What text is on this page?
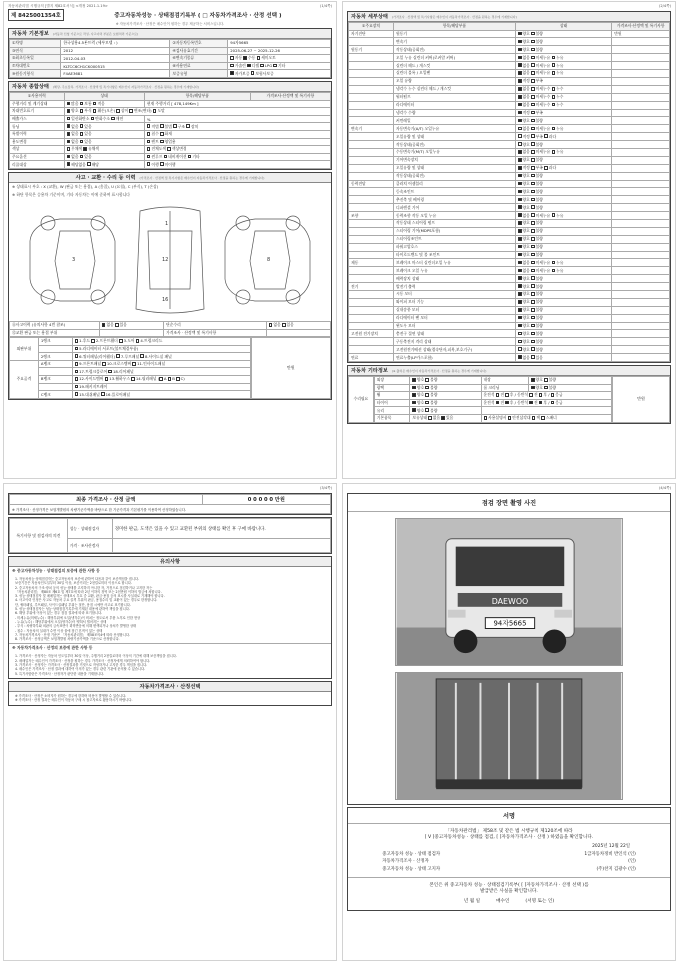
자동차관리법 시행규칙 [별지 제82호서식] <개정 2021.1.19>	(1/4쪽)
제 8425001354호	중고자동차성능 · 상태점검기록부 ( □ 자동차가격조사 · 산정 선택 )
※ 자동차가격조사 · 산정은 매수인이 원하는 경우 제공하는 서비스입니다.
자동차 기본정보 (자동차 신청 기준으로 작성, 사고이력 부분은 보험처리 기준으로)
①차명	한국상용4.5톤트럭 (세부모델 : )	②자동차등록번호	94자5665
③연식	2012	④검사유효기간	2025-06-27 ~ 2025-12-26
⑤최초등록일	2012-04-03	⑥변속기종류	자동 수동 세미오토
⑦차대번호	KLTCC6CH1CK000515	⑧사용연료	가솔린 디젤 LPG 기타
⑨원동기형식	F4AE3681	보증유형	자가보증 보험사보증
자동차 종합상태 (해당, 주요장치, 가격조사 · 산정액 및 특기사항은 매수인이 자동차가격조사 · 산정을 원하는 경우에 기재합니다)
①사용이력	상태	항목/해당부품	가격조사·산정액 및 특기사항
주행거리 및 계기상태	많음 보통 적음	현재 주행거리 [ 478,149Km ]	
차대번호표기	양호 부식 훼손(오손) 상이 변조(변타) 도말		
배출가스	일산화탄소 탄화수소 매연	%	
튜닝	없음 있음	적법 불법 구조 장치	
특별이력	없음 있음	침수 화재	
용도변경	없음 있음	렌트 영업용	
색상	무채색 유채색	전체도색 색상변경	
주요옵션	없음 있음	썬루프 네비게이션 기타	
리콜대상	해당없음 해당	이행 미이행	
사고 · 교환 · 수리 등 이력 (가격조사 · 산정액 및 특기사항은 매수인이 자동차가격조사 · 산정을 원하는 경우에 기재합니다)
※ 상태표시 부호 : X (교환), W (판금 또는 용접), A (흠집), U (요철), C (부식), T (손상)
※ 하단 항목은 승용차 기준이며, 기타 자동차는 이에 준하여 표시합니다
3
1
12
16
8
⑪사고이력 (유의사항 4번 참조)	없음 있음	단순수리	없음 있음
⑫교환 판금 또는 용접 부위		가격조사 · 산정액 및 특기사항	
외판부위	1랭크	1.후드 2.프론트휀더 3.도어 4.트렁크리드
		5.라디에이터 서포트(볼트체결부품)
	2랭크	6.쿼터패널(리어휀더) 7.루프패널 8.사이드실 패널
주요골격	A랭크	9.프론트패널 10.크로스멤버 11.인사이드패널
		17.트렁크플로어 18.리어패널
	B랭크	12.사이드멤버 13.휠하우스 14.필러패널 ( A B C)
		19.패키지트레이
	C랭크	15.대쉬패널 16.플로어패널
만원
(2/4쪽)
자동차 세부상태 (가격조사 · 산정액 및 특기사항은 매수인이 자동차가격조사 · 산정을 원하는 경우에 기재합니다)
①주요장치	항목/해당부품	상태	가격조사·산정액 및 특기사항
자기진단	원동기	양호 불량	만원
	변속기	양호 불량	
원동기	작동상태(공회전)	양호 불량	
	오일 누유 실린더 커버(로커암 커버)	없음 미세누유 누유	
	실린더 헤드 / 개스킷	없음 미세누유 누유	
	실린더 블록 / 오일팬	없음 미세누유 누유	
	오일 유량	적정 부족	
	냉각수 누수 실린더 헤드 / 개스킷	없음 미세누수 누수	
	워터펌프	없음 미세누수 누수	
	라디에이터	없음 미세누수 누수	
	냉각수 수량	적정 부족	
	커먼레일	양호 불량	
변속기	자동변속기(A/T) 오일누유	없음 미세누유 누유	
	오일유량 및 상태	적정 부족 과다	
	작동상태(공회전)	양호 불량	
	수동변속기(M/T) 오일누유	없음 미세누유 누유	
	기어변속장치	양호 불량	
	오일유량 및 상태	적정 부족 과다	
	작동상태(공회전)	양호 불량	
동력전달	클러치 어셈블리	양호 불량	
	등속조인트	양호 불량	
	추진축 및 베어링	양호 불량	
	디퍼렌셜 기어	양호 불량	
조향	동력조향 작동 오일 누유	없음 미세누유 누유	
	작동상태 스티어링 펌프	양호 불량	
	스티어링 기어(MDPS포함)	양호 불량	
	스티어링조인트	양호 불량	
	파워고압호스	양호 불량	
	타이로드엔드 및 볼 조인트	양호 불량	
제동	브레이크 마스터 실린더오일 누유	없음 미세누유 누유	
	브레이크 오일 누유	없음 미세누유 누유	
	배력장치 상태	양호 불량	
전기	발전기 출력	양호 불량	
	시동 모터	양호 불량	
	와이퍼 모터 기능	양호 불량	
	실내송풍 모터	양호 불량	
	라디에이터 팬 모터	양호 불량	
	윈도우 모터	양호 불량	
고전원 전기장치	충전구 절연 상태	양호 불량	
	구동축전지 격리 상태	양호 불량	
	고전원전기배선 상태(접속단자,피복,보호기구)	양호 불량	
연료	연료누출(LP가스포함)	없음 있음	
자동차 기타정보 (※ 출처은 매수인이 자동차가격조사 · 산정을 원하는 경우에 기재합니다)
수리필요
외장	양호 불량	내장	양호 불량
광택	양호 불량	룸 크리닝	양호 불량
휠	양호 불량	운전석 전 후 / 동반석 전 후 / 응급	
타이어	양호 불량	운전석 전 후 / 동반석 전 후 / 응급	
유리	양호 불량		
기본품목	보유상태 없음 있음	사용설명서 안전삼각대 잭 스패너	
만원
(3/4쪽)
최종 가격조사 · 산정 금액	0 0 0 0 0 만원
※ 가격조사 · 산정가격은 보험개발원의 차량기준가액을 바탕으로 한 기준가격과 기본평가를 이용하여 산정하였습니다.
특기사항 및 점검자의 의견	성능 · 상태점검자	경미한 판금, 도색은 있을 수 있고 교환된 부위의 상태를 확인 후 구매 바랍니다.
	가격 · 조사산정자	
유의사항
※ 중고자동차성능 · 상태점검의 보증에 관한 사항 등
1. 자동차성능·상태점검자는 중고자동차의 보증에 관하여 다음과 같이 보증책임을 집니다.
보증기간은 자동차인도일부터 30일 이상, 보증거리는 2천킬로미터 이상으로 합니다.
2. 중고자동차의 구조·장치 등의 성능·상태를 고지하지 아니한 자, 거짓으로 점검하거나 고지한 자는
「자동차관리법」 제80조 제6호 및 제7호에 따라 2년 이하의 징역 또는 2천만원 이하의 벌금에 처합니다.
3. 성능·상태점검자 및 매매업자는 상태표시 부호 중 교환, 판금·용접 등의 표시를 사실대로 기재해야 합니다.
4. 사고이력 인정은 사고로 자동차 주요 골격 부위의 판금, 용접수리 및 교환이 있는 경우로 한정합니다.
단, 쿼터패널, 루프패널, 사이드실패널 부위는 절단, 용접 시에만 사고로 표기합니다.
5. 성능·상태점검자는 성능·상태점검기록부에 기재된 내용에 관하여 책임을 집니다.
6. 해당 부위에 이상이 있는 경우 점검 결과에 따라 표기합니다.
- 미세누유(미세누수) : 해당부위에 오일(냉각수)이 비치는 정도로서 부품 노후로 인한 현상
- 누유(누수) : 해당부위에서 오일(냉각수)이 맺혀서 떨어지는 상태
- 부식 : 차량하부와 외판의 금속표면이 화학반응에 의해 변색되거나 상처가 발생한 상태
- 침수 : 자동차의 실내가 수면 이상 물에 잠긴 흔적이 있는 상태
7. 자동차가격조사 · 산정 기준은 「자동차관리법」 제58조의4에 따라 산정합니다.
8. 가격조사 · 산정금액은 보험개발원 차량기준가액을 기준으로 산정합니다.
※ 자동차가격조사 · 산정의 보증에 관한 사항 등
1. 가격조사 · 산정자는 자동차 인도일부터 30일 이상, 주행거리 2천킬로미터 이상의 기간에 대해 보증책임을 집니다.
2. 매매업자는 매수인이 가격조사 · 산정을 원하는 경우 가격조사 · 산정자에게 의뢰하여야 합니다.
3. 가격조사 · 산정자는 가격조사 · 산정결과를 거짓으로 작성하거나 고지한 경우 책임을 집니다.
4. 매수인은 가격조사 · 산정 결과에 대하여 이의가 있는 경우 관련 기관에 문의할 수 있습니다.
5. 특기사항란은 가격조사 · 산정자가 판단한 내용을 기재합니다.
자동차가격조사 · 산정선택
※ 가격조사 · 산정은 소비자가 원하는 경우에 한하며 비용이 발생할 수 있습니다.
※ 가격조사 · 산정 결과는 매수인이 자동차 구매 시 참고자료로 활용하시기 바랍니다.
(4/4쪽)
점검 장면 촬영 사진
DAEWOO
94자5665
서명
「자동차관리법」 제58조 및 같은 법 시행규칙 제120조에 따라
[ V ]중고자동차성능 · 상태를 점검, [ ]자동차가격조사 · 산정 ) 하였음을 확인합니다.
2025년 12월 22일
중고자동차 성능 · 상태 점검자	1급자동차정비 반인석 (인)
자동차가격조사 · 산정자	(인)
중고자동차 성능 · 상태 고지자	(주)찬지 김광수 (인)
본인은 위 중고자동차 성능 · 상태점검기록부( [ ]자동차가격조사 · 산정 선택 )를
발급받은 사실을 확인합니다.
년 월 일	매수인	(서명 또는 인)
